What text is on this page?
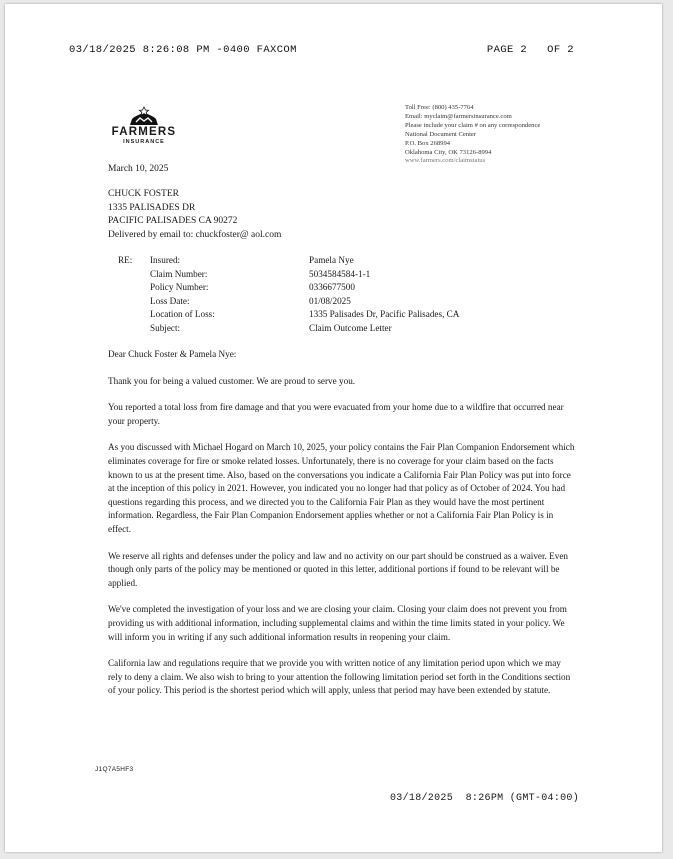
03/18/2025 8:26:08 PM -0400 FAXCOM	PAGE 2   OF 2
FARMERS
INSURANCE
Toll Free: (800) 435-7764
Email: myclaim@farmersinsurance.com
Please include your claim # on any correspondence
National Document Center
P.O. Box 268994
Oklahoma City, OK 73126-8994
www.farmers.com/claimstatus
March 10, 2025
CHUCK FOSTER
1335 PALISADES DR
PACIFIC PALISADES CA 90272
Delivered by email to: chuckfoster@ aol.com
RE: Insured:	Pamela Nye
Claim Number:	5034584584-1-1
Policy Number:	0336677500
Loss Date:	01/08/2025
Location of Loss:	1335 Palisades Dr, Pacific Palisades, CA
Subject:	Claim Outcome Letter

Dear Chuck Foster & Pamela Nye:

Thank you for being a valued customer. We are proud to serve you.

You reported a total loss from fire damage and that you were evacuated from your home due to a wildfire that occurred near your property.

As you discussed with Michael Hogard on March 10, 2025, your policy contains the Fair Plan Companion Endorsement which eliminates coverage for fire or smoke related losses. Unfortunately, there is no coverage for your claim based on the facts known to us at the present time. Also, based on the conversations you indicate a California Fair Plan Policy was put into force at the inception of this policy in 2021. However, you indicated you no longer had that policy as of October of 2024. You had questions regarding this process, and we directed you to the California Fair Plan as they would have the most pertinent information. Regardless, the Fair Plan Companion Endorsement applies whether or not a California Fair Plan Policy is in effect.

We reserve all rights and defenses under the policy and law and no activity on our part should be construed as a waiver. Even though only parts of the policy may be mentioned or quoted in this letter, additional portions if found to be relevant will be applied.

We've completed the investigation of your loss and we are closing your claim. Closing your claim does not prevent you from providing us with additional information, including supplemental claims and within the time limits stated in your policy. We will inform you in writing if any such additional information results in reopening your claim.

California law and regulations require that we provide you with written notice of any limitation period upon which we may rely to deny a claim. We also wish to bring to your attention the following limitation period set forth in the Conditions section of your policy. This period is the shortest period which will apply, unless that period may have been extended by statute.

J1Q7A5HF3
03/18/2025  8:26PM (GMT-04:00)
